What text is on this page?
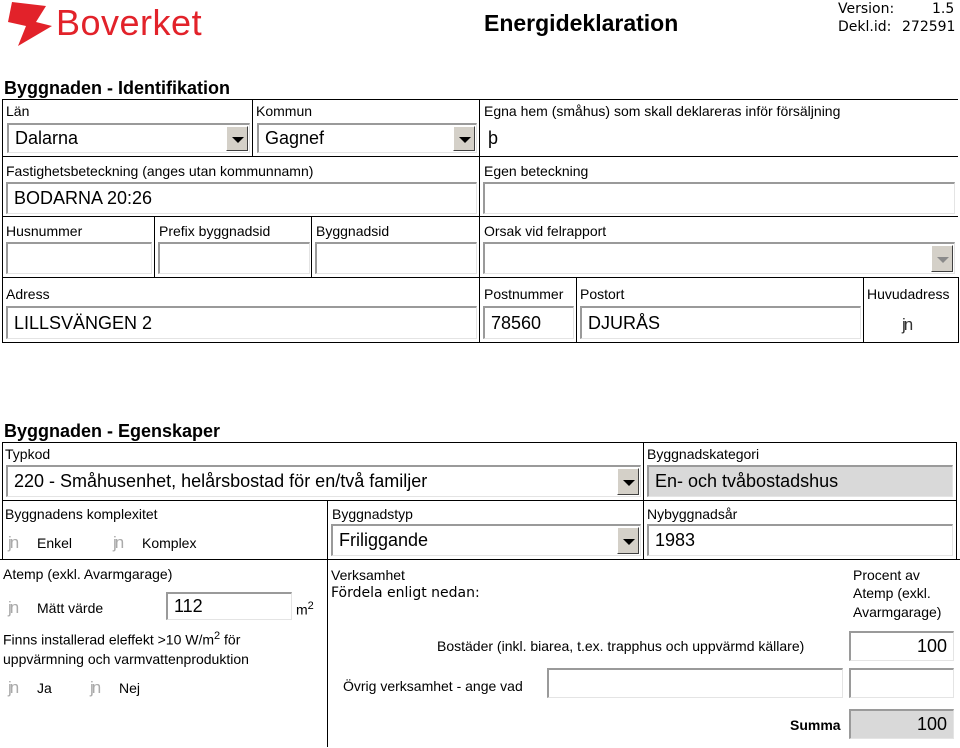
Boverket	Energideklaration
Version:	1.5
Dekl.id: 272591
Byggnaden - Identifikation
Län	Kommun	Egna hem (småhus) som skall deklareras inför försäljning
Dalarna	Gagnef	þ
Fastighetsbeteckning (anges utan kommunnamn)	Egen beteckning
BODARNA 20:26
Husnummer	Prefix byggnadsid	Byggnadsid	Orsak vid felrapport
Adress	Postnummer Postort	Huvudadress
LILLSVÄNGEN 2	78560	DJURÅS	jn
Byggnaden - Egenskaper
Typkod	Byggnadskategori
220 - Småhusenhet, helårsbostad för en/två familjer	En- och tvåbostadshus
Byggnadens komplexitet	Byggnadstyp	Nybyggnadsår
jn Enkel jn Komplex	Friliggande	1983
Atemp (exkl. Avarmgarage)
jn Mätt värde	112	$m^2$
Finns installerad eleffekt >10 $W/m^2$ för
uppvärmning och varmvattenproduktion
jn Ja jn Nej
Verksamhet
Fördela enligt nedan:
Procent av
Atemp (exkl.
Avarmgarage)
Bostäder (inkl. biarea, t.ex. trapphus och uppvärmd källare)	100
Övrig verksamhet - ange vad
Summa	100
